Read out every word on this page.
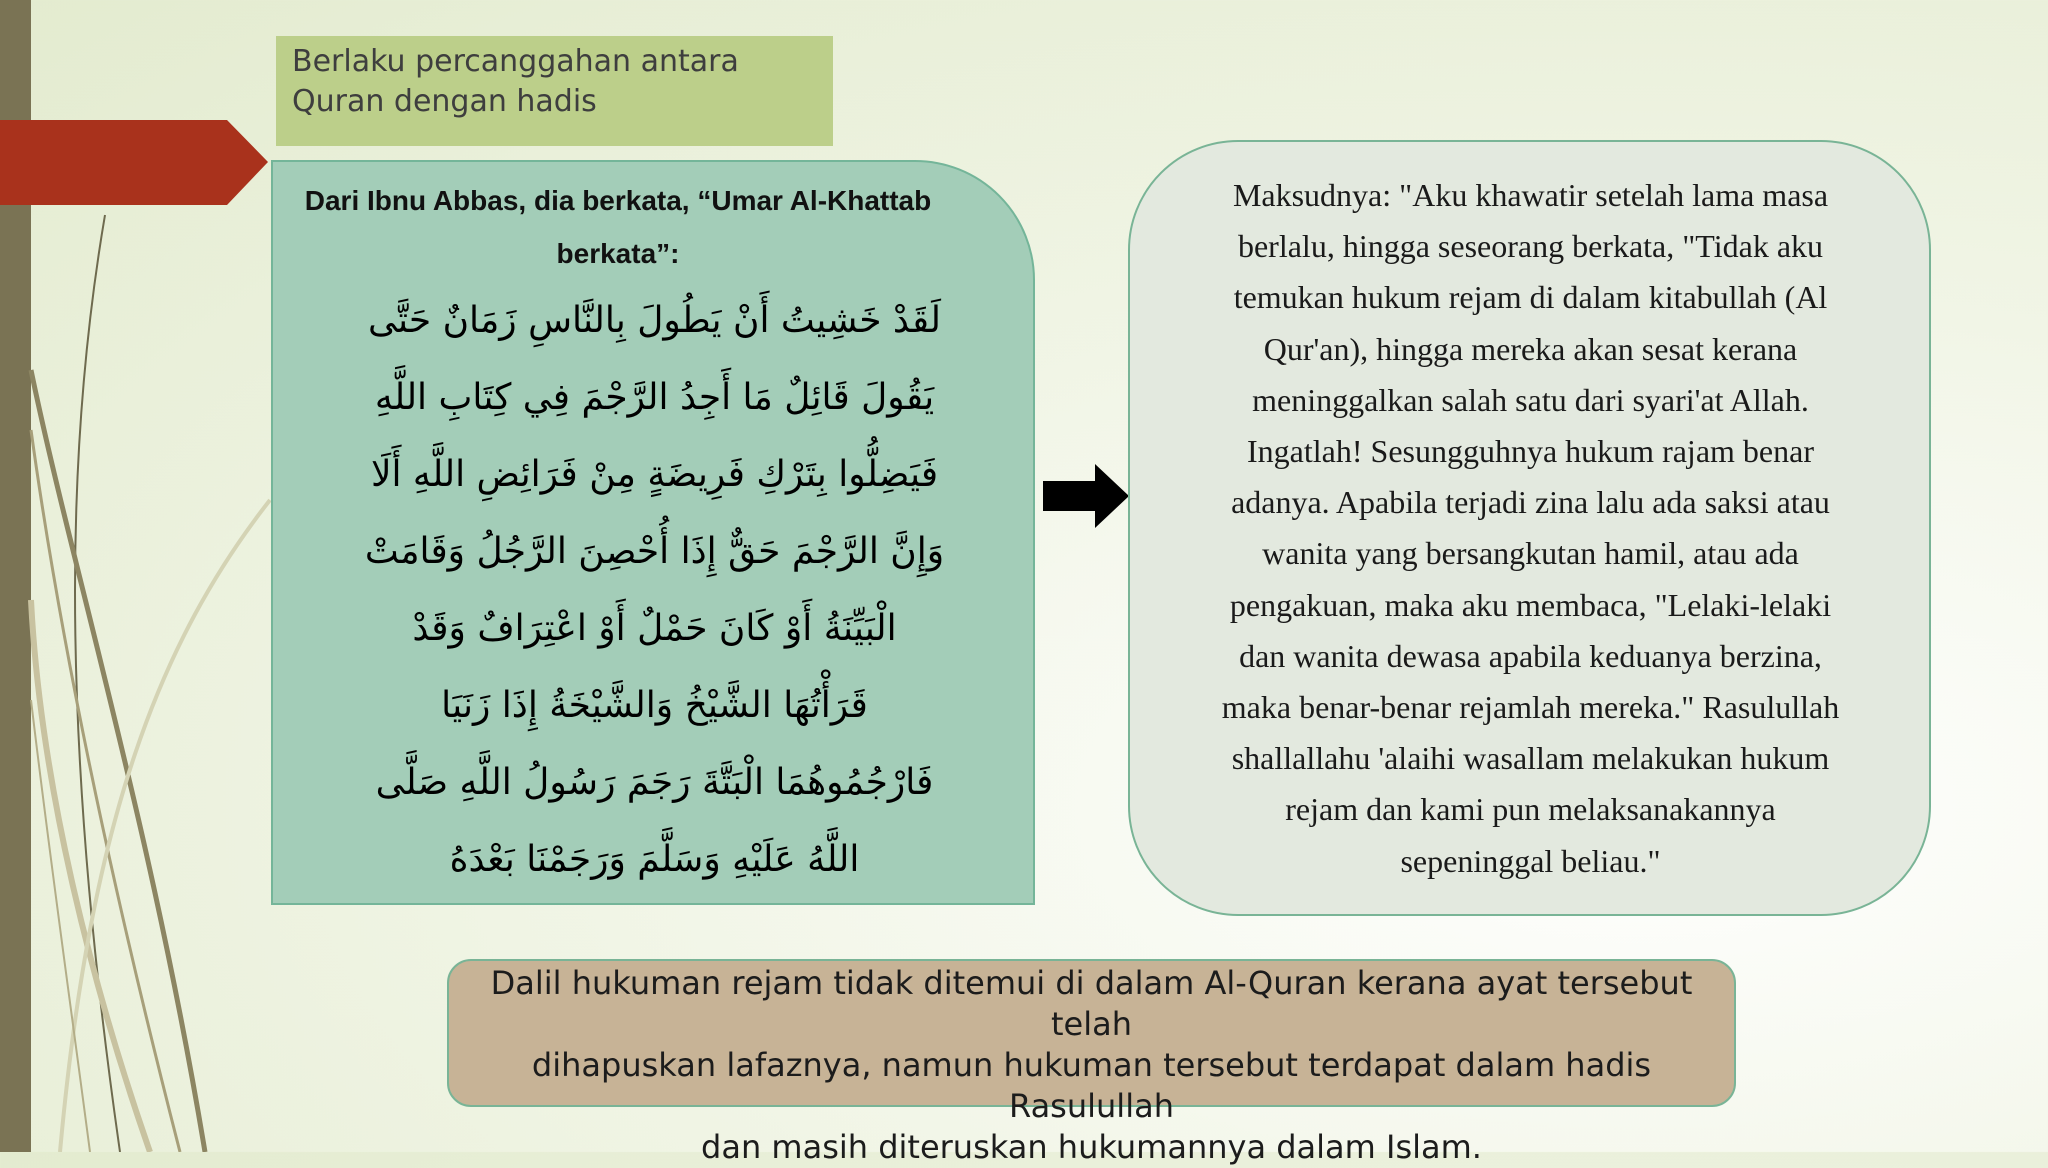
Berlaku percanggahan antara
Quran dengan hadis
Dari Ibnu Abbas, dia berkata, “Umar Al-Khattab
berkata”:
لَقَدْ خَشِيتُ أَنْ يَطُولَ بِالنَّاسِ زَمَانٌ حَتَّى
يَقُولَ قَائِلٌ مَا أَجِدُ الرَّجْمَ فِي كِتَابِ اللَّهِ
فَيَضِلُّوا بِتَرْكِ فَرِيضَةٍ مِنْ فَرَائِضِ اللَّهِ أَلَا
وَإِنَّ الرَّجْمَ حَقٌّ إِذَا أُحْصِنَ الرَّجُلُ وَقَامَتْ
الْبَيِّنَةُ أَوْ كَانَ حَمْلٌ أَوْ اعْتِرَافٌ وَقَدْ
قَرَأْتُهَا الشَّيْخُ وَالشَّيْخَةُ إِذَا زَنَيَا
فَارْجُمُوهُمَا الْبَتَّةَ رَجَمَ رَسُولُ اللَّهِ صَلَّى
اللَّهُ عَلَيْهِ وَسَلَّمَ وَرَجَمْنَا بَعْدَهُ
Maksudnya: "Aku khawatir setelah lama masa
berlalu, hingga seseorang berkata, "Tidak aku
temukan hukum rejam di dalam kitabullah (Al
Qur'an), hingga mereka akan sesat kerana
meninggalkan salah satu dari syari'at Allah.
Ingatlah! Sesungguhnya hukum rajam benar
adanya. Apabila terjadi zina lalu ada saksi atau
wanita yang bersangkutan hamil, atau ada
pengakuan, maka aku membaca, "Lelaki-lelaki
dan wanita dewasa apabila keduanya berzina,
maka benar-benar rejamlah mereka." Rasulullah
shallallahu 'alaihi wasallam melakukan hukum
rejam dan kami pun melaksanakannya
sepeninggal beliau."
Dalil hukuman rejam tidak ditemui di dalam Al-Quran kerana ayat tersebut telah
dihapuskan lafaznya, namun hukuman tersebut terdapat dalam hadis Rasulullah
dan masih diteruskan hukumannya dalam Islam.
